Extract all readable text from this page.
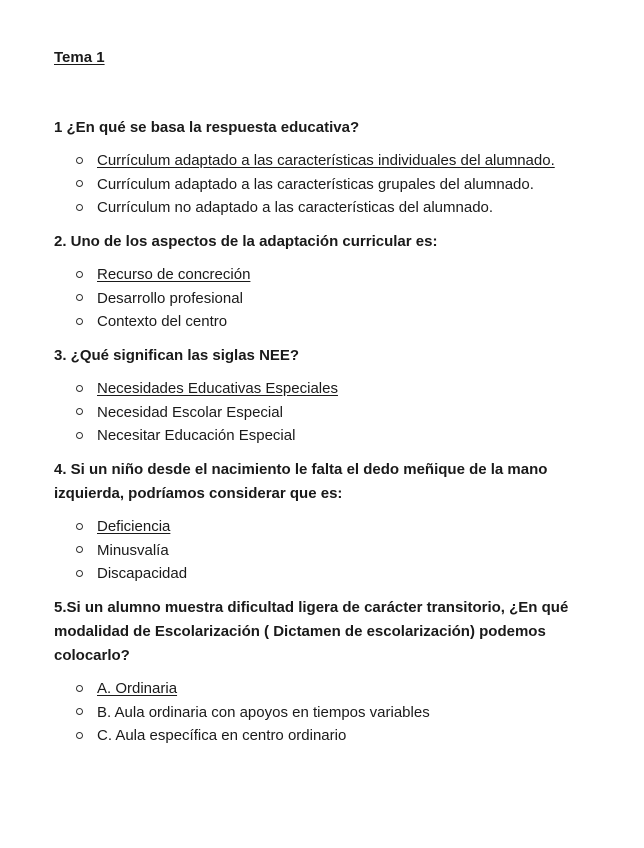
Tema 1
1 ¿En qué se basa la respuesta educativa?
Currículum adaptado a las características individuales del alumnado.
Currículum adaptado a las características grupales del alumnado.
Currículum no adaptado a las características del alumnado.
2. Uno de los aspectos de la adaptación curricular es:
Recurso de concreción
Desarrollo profesional
Contexto del centro
3. ¿Qué significan las siglas NEE?
Necesidades Educativas Especiales
Necesidad Escolar Especial
Necesitar Educación Especial
4. Si un niño desde el nacimiento le falta el dedo meñique de la mano izquierda, podríamos considerar que es:
Deficiencia
Minusvalía
Discapacidad
5.Si un alumno muestra dificultad ligera de carácter transitorio, ¿En qué modalidad de Escolarización ( Dictamen de escolarización) podemos colocarlo?
A. Ordinaria
B. Aula ordinaria con apoyos en tiempos variables
C. Aula específica en centro ordinario
